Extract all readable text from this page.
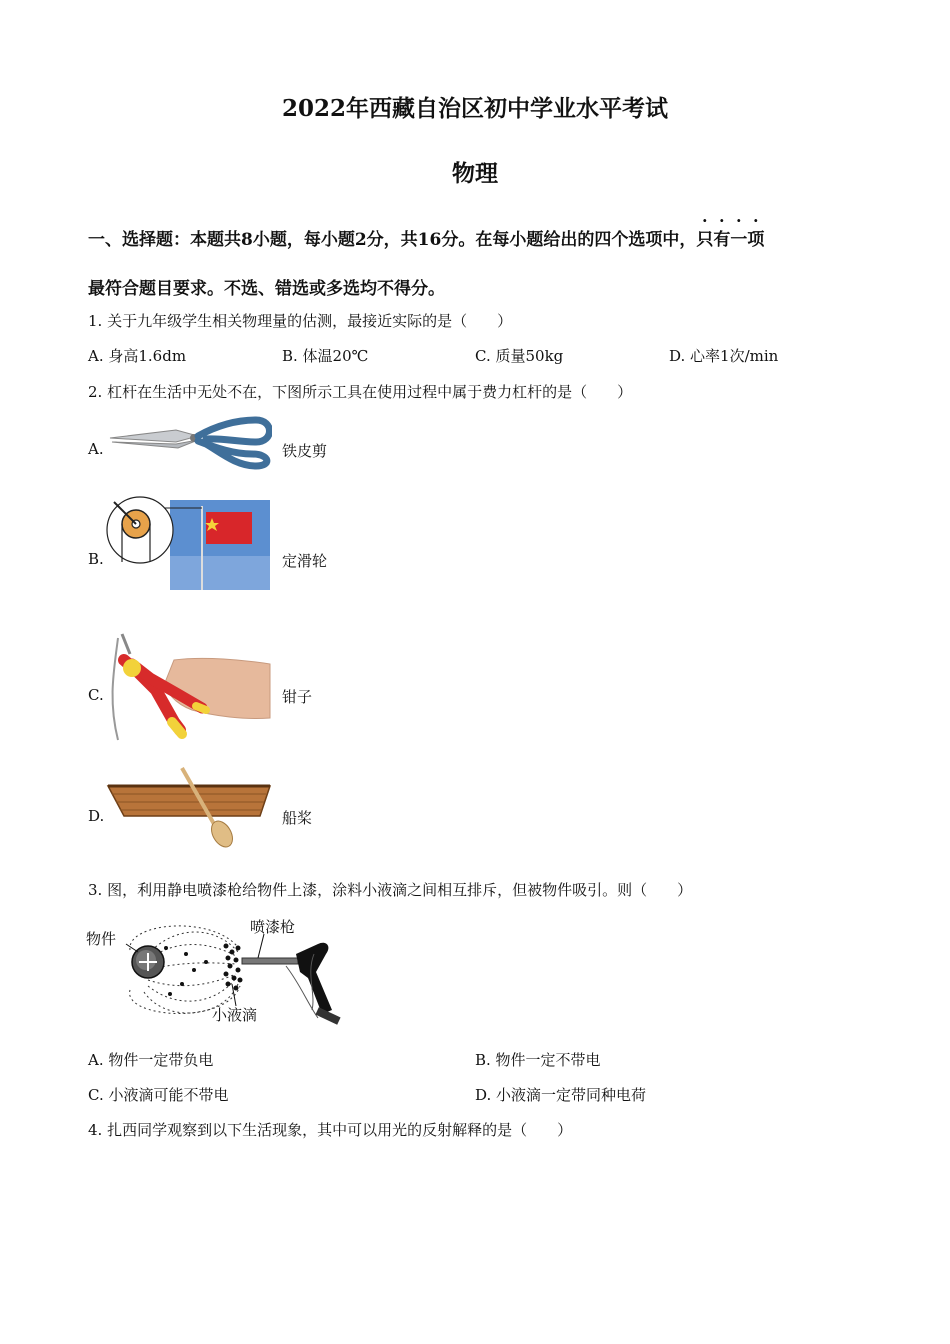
2022年西藏自治区初中学业水平考试
物理
一、选择题：本题共8小题，每小题2分，共16分。在每小题给出的四个选项中，只有一项
最符合题目要求。不选、错选或多选均不得分。
1. 关于九年级学生相关物理量的估测，最接近实际的是（　　）
A. 身高1.6dm	B. 体温20℃	C. 质量50kg	D. 心率1次/min
2. 杠杆在生活中无处不在，下图所示工具在使用过程中属于费力杠杆的是（　　）
A.	铁皮剪
B.	定滑轮
C.	钳子
D.	船桨
3. 图，利用静电喷漆枪给物件上漆，涂料小液滴之间相互排斥，但被物件吸引。则（　　）
物件
喷漆枪
小液滴
A. 物件一定带负电	B. 物件一定不带电
C. 小液滴可能不带电	D. 小液滴一定带同种电荷
4. 扎西同学观察到以下生活现象，其中可以用光的反射解释的是（　　）
